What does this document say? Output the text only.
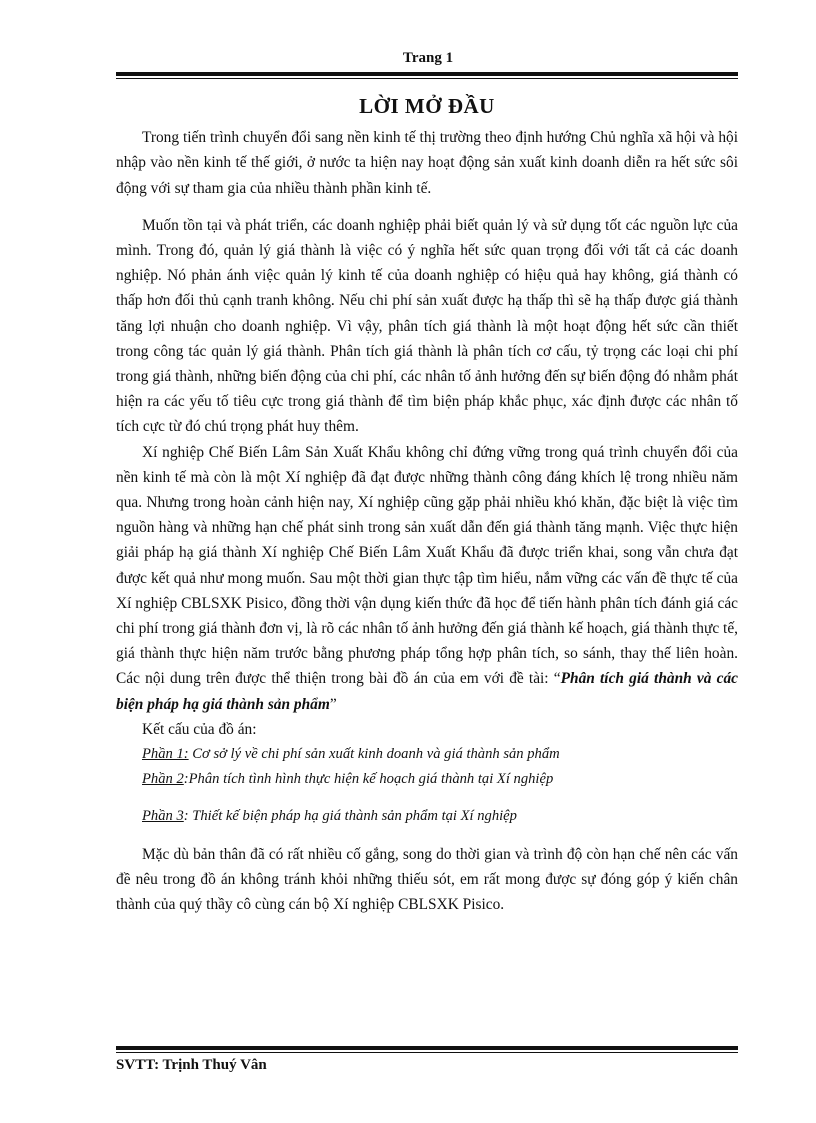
Trang 1
LỜI MỞ ĐẦU

Trong tiến trình chuyển đổi sang nền kinh tế thị trường theo định hướng Chủ nghĩa xã hội và hội nhập vào nền kinh tế thế giới, ở nước ta hiện nay hoạt động sản xuất kinh doanh diễn ra hết sức sôi động với sự tham gia của nhiều thành phần kinh tế.

Muốn tồn tại và phát triển, các doanh nghiệp phải biết quản lý và sử dụng tốt các nguồn lực của mình. Trong đó, quản lý giá thành là việc có ý nghĩa hết sức quan trọng đối với tất cả các doanh nghiệp. Nó phản ánh việc quản lý kinh tế của doanh nghiệp có hiệu quả hay không, giá thành có thấp hơn đối thủ cạnh tranh không. Nếu chi phí sản xuất được hạ thấp thì sẽ hạ thấp được giá thành tăng lợi nhuận cho doanh nghiệp. Vì vậy, phân tích giá thành là một hoạt động hết sức cần thiết trong công tác quản lý giá thành. Phân tích giá thành là phân tích cơ cấu, tỷ trọng các loại chi phí trong giá thành, những biến động của chi phí, các nhân tố ảnh hưởng đến sự biến động đó nhằm phát hiện ra các yếu tố tiêu cực trong giá thành để tìm biện pháp khắc phục, xác định được các nhân tố tích cực từ đó chú trọng phát huy thêm.

Xí nghiệp Chế Biến Lâm Sản Xuất Khẩu không chỉ đứng vững trong quá trình chuyển đổi của nền kinh tế mà còn là một Xí nghiệp đã đạt được những thành công đáng khích lệ trong nhiều năm qua. Nhưng trong hoàn cảnh hiện nay, Xí nghiệp cũng gặp phải nhiều khó khăn, đặc biệt là việc tìm nguồn hàng và những hạn chế phát sinh trong sản xuất dẫn đến giá thành tăng mạnh. Việc thực hiện giải pháp hạ giá thành Xí nghiệp Chế Biến Lâm Xuất Khẩu đã được triển khai, song vẫn chưa đạt được kết quả như mong muốn. Sau một thời gian thực tập tìm hiểu, nắm vững các vấn đề thực tế của Xí nghiệp CBLSXK Pisico, đồng thời vận dụng kiến thức đã học để tiến hành phân tích đánh giá các chi phí trong giá thành đơn vị, là rõ các nhân tố ảnh hưởng đến giá thành kế hoạch, giá thành thực tế, giá thành thực hiện năm trước bằng phương pháp tổng hợp phân tích, so sánh, thay thế liên hoàn. Các nội dung trên được thể thiện trong bài đồ án của em với đề tài: “Phân tích giá thành và các biện pháp hạ giá thành sản phẩm”

Kết cấu của đồ án:

Phần 1: Cơ sở lý về chi phí sản xuất kinh doanh và giá thành sản phẩm

Phần 2:Phân tích tình hình thực hiện kế hoạch giá thành tại Xí nghiệp

Phần 3: Thiết kế biện pháp hạ giá thành sản phẩm tại Xí nghiệp

Mặc dù bản thân đã có rất nhiều cố gắng, song do thời gian và trình độ còn hạn chế nên các vấn đề nêu trong đồ án không tránh khỏi những thiếu sót, em rất mong được sự đóng góp ý kiến chân thành của quý thầy cô cùng cán bộ Xí nghiệp CBLSXK Pisico.

SVTT: Trịnh Thuý Vân
